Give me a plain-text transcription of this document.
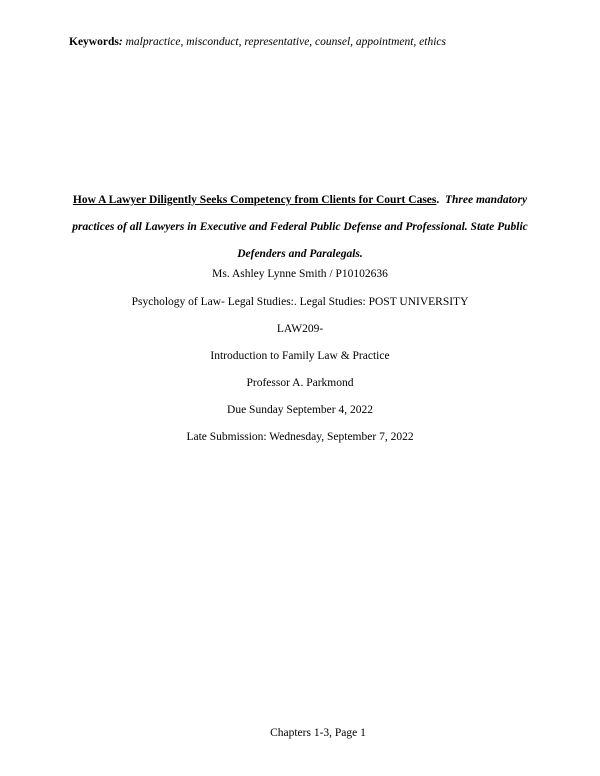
Keywords: malpractice, misconduct, representative, counsel, appointment, ethics
How A Lawyer Diligently Seeks Competency from Clients for Court Cases. Three mandatory practices of all Lawyers in Executive and Federal Public Defense and Professional. State Public Defenders and Paralegals.
Ms. Ashley Lynne Smith / P10102636
Psychology of Law- Legal Studies:. Legal Studies: POST UNIVERSITY
LAW209-
Introduction to Family Law & Practice
Professor A. Parkmond
Due Sunday September 4, 2022
Late Submission: Wednesday, September 7, 2022
Chapters 1-3, Page 1
